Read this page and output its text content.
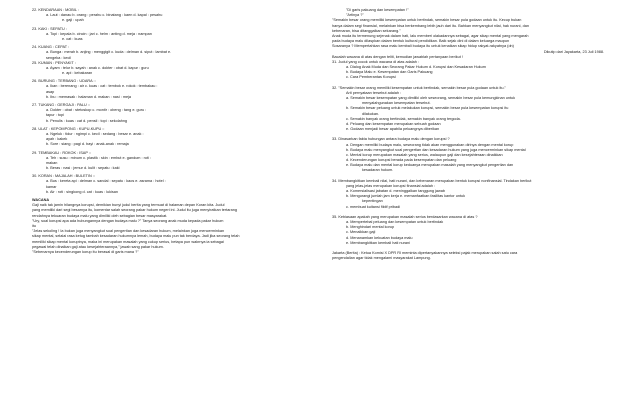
22. KENDARAAN : MOBIL :
a. Laut : danau b. orang : perahu c. binatang : kaen d. kapal : pesahu
e. gaji : upah
23. KAKI : SEPATU :
a. Topi : kepala b. cincin : jari c. helm : anting d. meja : nampan
e. cat : kuas
24. KUANG : CEPAT :
a. Bunga : merah b. anjing : menggigit c. kuda : delman d. siput : lambat e.
sengeka : kecil
25. KUMAN : PENYAKIT :
a. Ayam : telur b. sayah : anak c. dokter : obat d. kapur : guru
e. api : kebakaran
26. BURUNG : TERBANG : UDARA ::
a. Ikan : berenang : air c. kuas : cat : tembok e. rokok : tembakau :
asap
b. Ibu : memasak : halaman d. makan : nasi : meja
27. TUKANG : GERGAJI : PALU ::
a. Dokter : obat : stetoskop c. montir : obeng : tang e. guru :
tapur : topi
b. Penulis : kuas : cat d. pensil : topi : sekolahng
28. ULAT : KEPOMPONG : KUPU-KUPU ::
a. Ngeluk : tidur : ngimpi c. kecil : sedang : besar e. anak :
ayah : kakek
b. Sore : siang : pagi d. bayi : anak-anak : remaja
29. TEMBAKAU : ROKOK : ISAP ::
a. Teh : susu : minum c. plastik : skin : embut e. gandum : roti :
makan
b. Beras : nasi : jemur d. kulit : sepatu : kaki
30. KORAN : MAJALAH : BULETIN ::
a. Bus : kereta api : delman c. sandal : sepatu : kaos e. asrama : hotel :
kamar
b. Air : roti : singkong d. cat : kuas : lukisan
WACANA
Gaji naik tak jamin hilangnya korupsi, demikian bunyi judul berita yang termuat di halaman depan Koran kita. Judul
yang memiliki dari segi besarnya itu, komentar salah seorang pakar hukum negeri ini. Judul itu juga menyiratkan tertarang
rendahnya tekuaran budaya malu yang dimiliki oleh sebagian besar masyarakat.
"Ury, soal korupsi apa ada hubungannya dengan budaya malu ?" Tanya seorang anak muda kepada pakar hukum
itu
"Jelas sekoling ! Ia bukan juga menyangkut soal pengertian dan kesadaran hukum, melainkan juga mencerminkan
sikap mental, selalai rasa ketug tambah kesadaran hukumnya lemah, budaya malu pun tak berdaya. Jadi jika seorang telah
memiliki sikap mental koruptnya, maka ini merupakan masalah yang cukup serius, betapa pun wakrnya ia sebagai
pegawai telah dinaikan gaji atau kesejahteraannya," jawab sang pakar hukum.
"Sebenarnya kecenderungan korup itu berasal di garis mana ?"
"Di garis pakuang dan kesempatan !"
"Artinya ?"
"Semakin besar orang memiliki kesempatan untuk bertindak, semakin besar pula godaan untuk itu. Kecup bukan
hanya dalam segi finansial, melainkan bisa berkembang lebih jauh dari itu. Bahkan menyangkut nilai, hak nurani, dan
kebenaran, bisa ditanggalkan sekarang."
Anak muda itu termenung sejenak dalam hati, lalu memberi olakadannya sebagai, agar sikap mental yang mengarah
pada budaya malu dilaspkan dalam bentuk kultural pendidikan. Baik sejak dini di dalam keluarga maupun
Sosaranya ? Mempertahkan rasa malu kembali budaya itu untuk kenaikan sikap hidup rakyat-rakyatnya (dn)
Dikutip dari Jayakarta, 23 Juli 1988.
Bacalah wacana di atas dengan teliti, kemudian jawablah pertanyaan berikut !
31. Judul yang cocok untuk wacana di atas adalah :
a. Dialog Anak Muda dan Seorang Pakar Hukum d. Korupsi dan Kesadaran Hukum
b. Budaya Malu e. Kesempatan dan Garis Pakuang
c. Cara Pemberantas Korupsi
32. "Semakin besar orang memiliki kesempatan untuk bertindak, semakin besar pula godaan untuk itu."
Arti pernyataan tersebut adalah :
a. Semakin besar kesempatan yang dimiliki oleh seseorang, semakin besar pula kemungkinan untuk
menyalahgunakan kesempatan tersebut.
b. Semakin besar peluang untuk melakukan korupsi, semakin besar pula kesempatan korupsi itu
dilakukan.
c. Semakin banyak orang bertindak, semakin banyak orang tergoda.
d. Peluang dan kesempatan merupakan sebuah godaan
e. Godaan menjadi besar apabila peluangnya diberikan
33. Dinasarkan fakta hubungan antara budaya malu dengan korupsi ?
a. Dengan memiliki budaya malu, seseorang tidak akan menggunakan dirinya dengan mental korup
b. Budaya malu menyangkut soal pengertian dan kesadaran hukum yang juga mencerminkan sikap mental
c. Mental korup merupakan masalah yang serius, walaupun gaji dan kesejahteraan dinaikkan
d. Kecenderungan korupsi berada pada kesempatan dan peluang
e. Budaya malu dan mental korup keduanya merupakan masalah yang menyangkut pengertian dan
kesadaran hukum.
34. Membangkitkan kembali nilai, hati nurani, dan kebenaran merupakan bentuk korupsi nonfinansial. Tindakan berikut
yang jelas-jelas merupakan korupsi finansial adalah :
a. Komersialisasi jabatan d. meninggalkan tanggung jawab
b. Mengurangi jumlah jam kerja e. memanfaatkan fasilitas kantor untuk
kepentingan
c. membuat kuitansi fiktif pribadi
35. Kebiasaan apakah yang merupakan masalah serius berdasarkan wacana di atas ?
a. Mempertebal peluang dan kesempatan untuk bertindak
b. Menghindari mental korup
c. Menaikkan gaji
d. Menanamkan kekuatan budaya malu
e. Membangkitkan kembali hati nurani
Jakarta (Berita) : Ketua Komisi X DPR RI meminta dipertanyakannya seleksi pajak merupakan salah satu cara
pengendalian agar tidak mengalami masyarakat Lampung.
